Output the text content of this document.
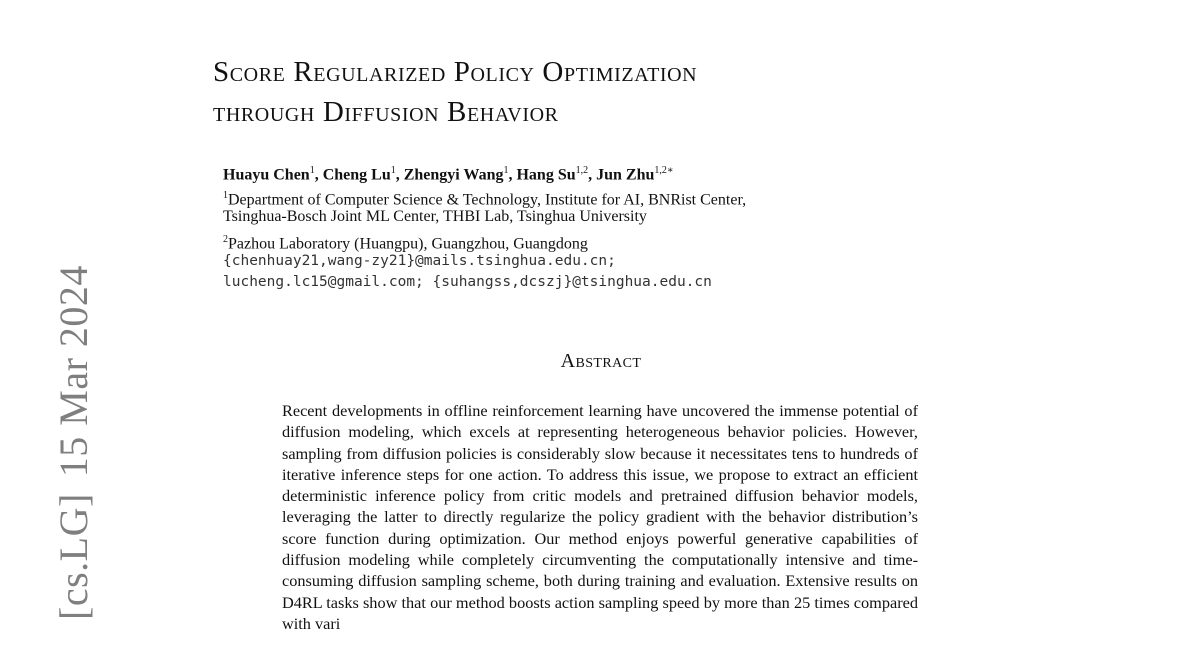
[cs.LG]15 Mar 2024
Score Regularized Policy Optimization
through Diffusion Behavior

Huayu Chen$^1$, Cheng Lu$^1$, Zhengyi Wang$^1$, Hang Su$^{1,2}$, Jun Zhu$^{1,2∗}$

$^1$Department of Computer Science & Technology, Institute for AI, BNRist Center,

Tsinghua-Bosch Joint ML Center, THBI Lab, Tsinghua University

$^2$Pazhou Laboratory (Huangpu), Guangzhou, Guangdong

{chenhuay21,wang-zy21}@mails.tsinghua.edu.cn;
lucheng.lc15@gmail.com; {suhangss,dcszj}@tsinghua.edu.cn
Abstract

Recent developments in offline reinforcement learning have uncovered the immense potential of diffusion modeling, which excels at representing heterogeneous behavior policies. However, sampling from diffusion policies is considerably slow because it necessitates tens to hundreds of iterative inference steps for one action. To address this issue, we propose to extract an efficient deterministic inference policy from critic models and pretrained diffusion behavior models, leveraging the latter to directly regularize the policy gradient with the behavior distribution’s score function during optimization. Our method enjoys powerful generative capabilities of diffusion modeling while completely circumventing the computationally intensive and time-consuming diffusion sampling scheme, both during training and evaluation. Extensive results on D4RL tasks show that our method boosts action sampling speed by more than 25 times compared with vari
